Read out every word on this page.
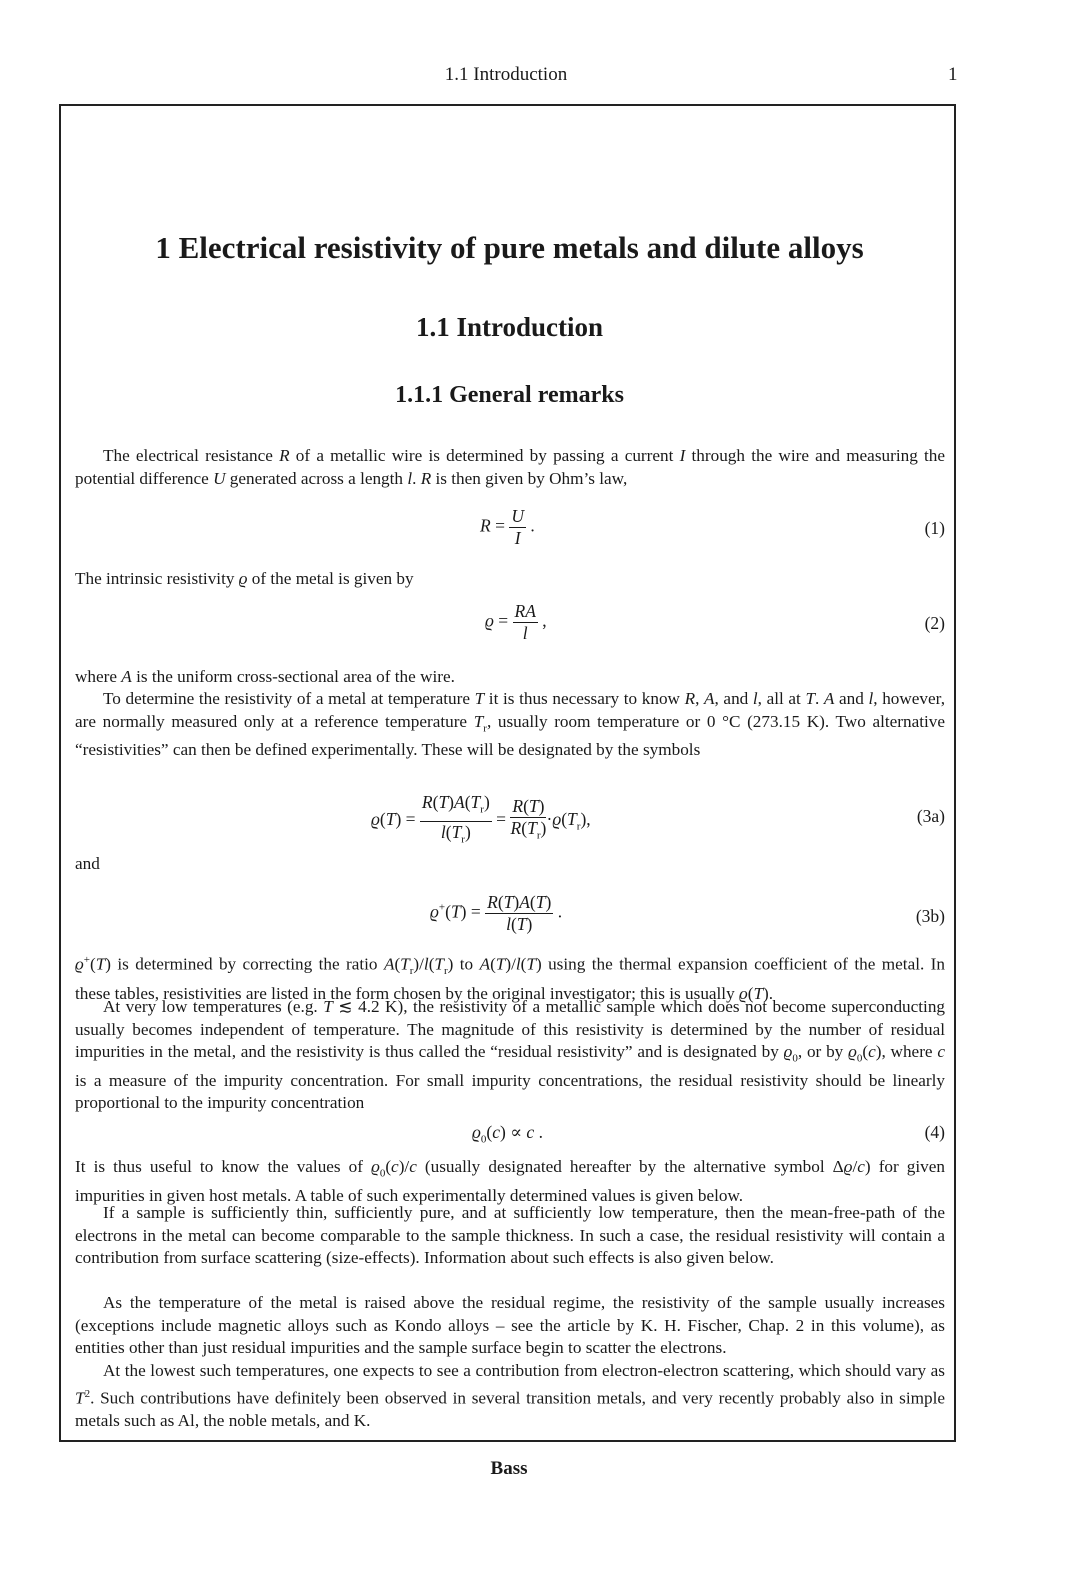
1.1 Introduction	1
1 Electrical resistivity of pure metals and dilute alloys
1.1 Introduction
1.1.1 General remarks

The electrical resistance R of a metallic wire is determined by passing a current I through the wire and measuring the potential difference U generated across a length l. R is then given by Ohm’s law,

$R = \frac{U}{I}$ .	(1)

The intrinsic resistivity ϱ of the metal is given by

$ϱ = \frac{RA}{l}$ ,	(2)

where A is the uniform cross-sectional area of the wire.

To determine the resistivity of a metal at temperature T it is thus necessary to know R, A, and l, all at T. A and l, however, are normally measured only at a reference temperature $T_r$, usually room temperature or 0 °C (273.15 K). Two alternative “resistivities” can then be defined experimentally. These will be designated by the symbols

$ϱ(T) = \frac{R(T)A(T_r)}{l(T_r)} = \frac{R(T)}{R(T_r)} \cdot ϱ(T_r)$,	(3a)

and

$ϱ^+(T) = \frac{R(T)A(T)}{l(T)}$ .	(3b)

ϱ+(T) is determined by correcting the ratio $A(T_r)/l(T_r)$ to A(T)/l(T) using the thermal expansion coefficient of the metal. In these tables, resistivities are listed in the form chosen by the original investigator; this is usually ϱ(T).

At very low temperatures (e.g. T ≲ 4.2 K), the resistivity of a metallic sample which does not become superconducting usually becomes independent of temperature. The magnitude of this resistivity is determined by the number of residual impurities in the metal, and the resistivity is thus called the “residual resistivity” and is designated by $ϱ_0$, or by $ϱ_0(c)$, where c is a measure of the impurity concentration. For small impurity concentrations, the residual resistivity should be linearly proportional to the impurity concentration

$ϱ_0(c) \propto c$ .	(4)

It is thus useful to know the values of $ϱ_0(c)/c$ (usually designated hereafter by the alternative symbol Δϱ/c) for given impurities in given host metals. A table of such experimentally determined values is given below.

If a sample is sufficiently thin, sufficiently pure, and at sufficiently low temperature, then the mean-free-path of the electrons in the metal can become comparable to the sample thickness. In such a case, the residual resistivity will contain a contribution from surface scattering (size-effects). Information about such effects is also given below.

As the temperature of the metal is raised above the residual regime, the resistivity of the sample usually increases (exceptions include magnetic alloys such as Kondo alloys – see the article by K. H. Fischer, Chap. 2 in this volume), as entities other than just residual impurities and the sample surface begin to scatter the electrons.

At the lowest such temperatures, one expects to see a contribution from electron-electron scattering, which should vary as $T^2$. Such contributions have definitely been observed in several transition metals, and very recently probably also in simple metals such as Al, the noble metals, and K.

Bass
